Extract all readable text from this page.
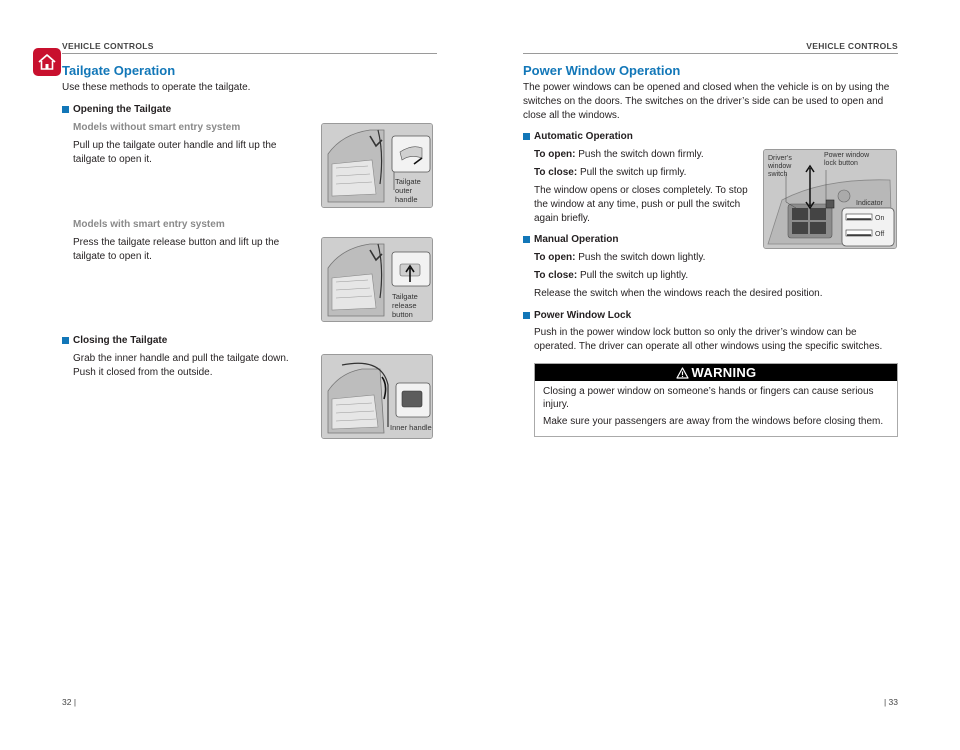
VEHICLE CONTROLS	VEHICLE CONTROLS
Tailgate Operation

Use these methods to operate the tailgate.

Opening the Tailgate
Models without smart entry system

Pull up the tailgate outer handle and lift up the

tailgate to open it.

Tailgate
outer
handle
Models with smart entry system

Press the tailgate release button and lift up the

tailgate to open it.

Tailgate
release
button
Closing the Tailgate

Grab the inner handle and pull the tailgate down.

Push it closed from the outside.

Inner handle
32 |
Power Window Operation

The power windows can be opened and closed when the vehicle is on by using the

switches on the doors. The switches on the driver’s side can be used to open and

close all the windows.

Automatic Operation

To open: Push the switch down firmly.

To close: Pull the switch up firmly.

The window opens or closes completely. To stop

the window at any time, push or pull the switch

again briefly.

Driver’s
window
switch
Power window
lock button
Indicator
On
Off
Manual Operation

To open: Push the switch down lightly.

To close: Pull the switch up lightly.

Release the switch when the windows reach the desired position.

Power Window Lock

Push in the power window lock button so only the driver’s window can be

operated. The driver can operate all other windows using the specific switches.

WARNING

Closing a power window on someone’s hands or fingers can cause serious

injury.

Make sure your passengers are away from the windows before closing them.

| 33
